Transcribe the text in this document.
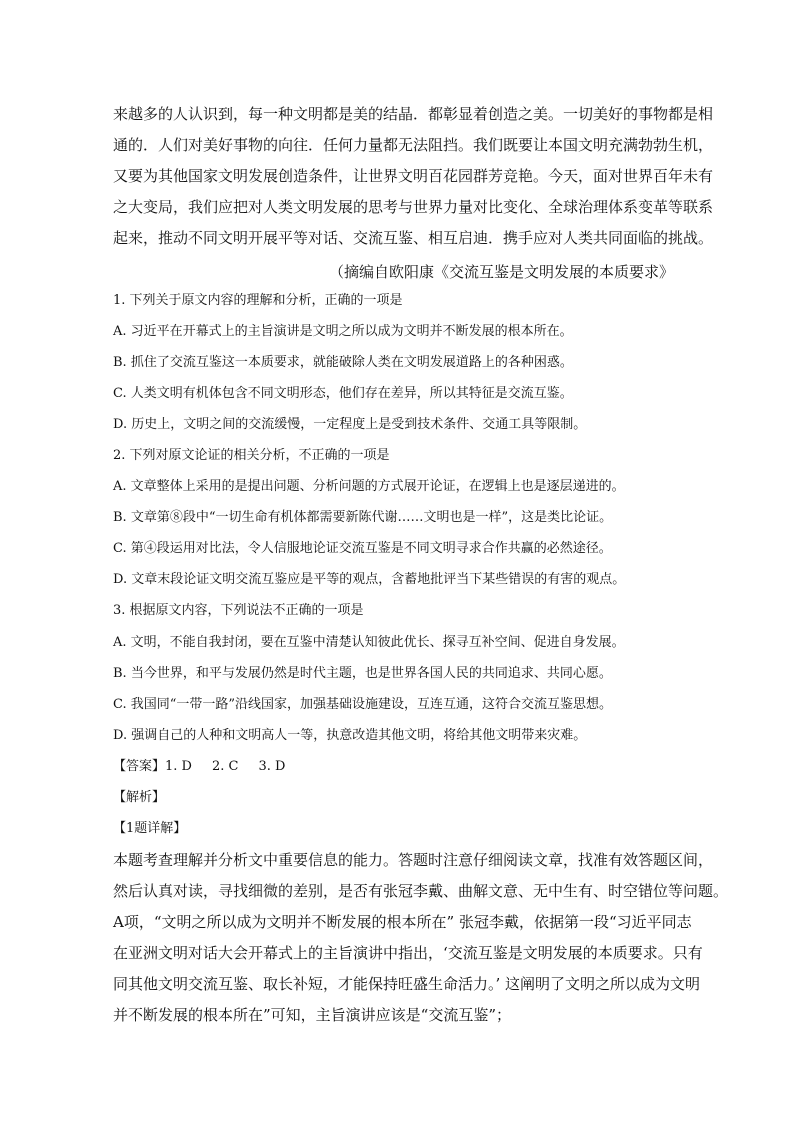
来越多的人认识到，每一种文明都是美的结晶．都彰显着创造之美。一切美好的事物都是相
通的．人们对美好事物的向往．任何力量都无法阻挡。我们既要让本国文明充满勃勃生机，
又要为其他国家文明发展创造条件，让世界文明百花园群芳竞艳。今天，面对世界百年未有
之大变局，我们应把对人类文明发展的思考与世界力量对比变化、全球治理体系变革等联系
起来，推动不同文明开展平等对话、交流互鉴、相互启迪．携手应对人类共同面临的挑战。
（摘编自欧阳康《交流互鉴是文明发展的本质要求》
1. 下列关于原文内容的理解和分析，正确的一项是
A. 习近平在开幕式上的主旨演讲是文明之所以成为文明并不断发展的根本所在。
B. 抓住了交流互鉴这一本质要求，就能破除人类在文明发展道路上的各种困惑。
C. 人类文明有机体包含不同文明形态，他们存在差异，所以其特征是交流互鉴。
D. 历史上，文明之间的交流缓慢，一定程度上是受到技术条件、交通工具等限制。
2. 下列对原文论证的相关分析，不正确的一项是
A. 文章整体上采用的是提出问题、分析问题的方式展开论证，在逻辑上也是逐层递进的。
B. 文章第⑧段中“一切生命有机体都需要新陈代谢……文明也是一样”，这是类比论证。
C. 第④段运用对比法，令人信服地论证交流互鉴是不同文明寻求合作共赢的必然途径。
D. 文章末段论证文明交流互鉴应是平等的观点，含蓄地批评当下某些错误的有害的观点。
3. 根据原文内容，下列说法不正确的一项是
A. 文明，不能自我封闭，要在互鉴中清楚认知彼此优长、探寻互补空间、促进自身发展。
B. 当今世界，和平与发展仍然是时代主题，也是世界各国人民的共同追求、共同心愿。
C. 我国同“一带一路”沿线国家，加强基础设施建设，互连互通，这符合交流互鉴思想。
D. 强调自己的人种和文明高人一等，执意改造其他文明，将给其他文明带来灾难。
【答案】1. D 2. C 3. D
【解析】
【1题详解】
本题考查理解并分析文中重要信息的能力。答题时注意仔细阅读文章，找准有效答题区间，
然后认真对读，寻找细微的差别，是否有张冠李戴、曲解文意、无中生有、时空错位等问题。
A项，“文明之所以成为文明并不断发展的根本所在” 张冠李戴，依据第一段“习近平同志
在亚洲文明对话大会开幕式上的主旨演讲中指出，‘交流互鉴是文明发展的本质要求。只有
同其他文明交流互鉴、取长补短，才能保持旺盛生命活力。’ 这阐明了文明之所以成为文明
并不断发展的根本所在”可知，主旨演讲应该是“交流互鉴”；
